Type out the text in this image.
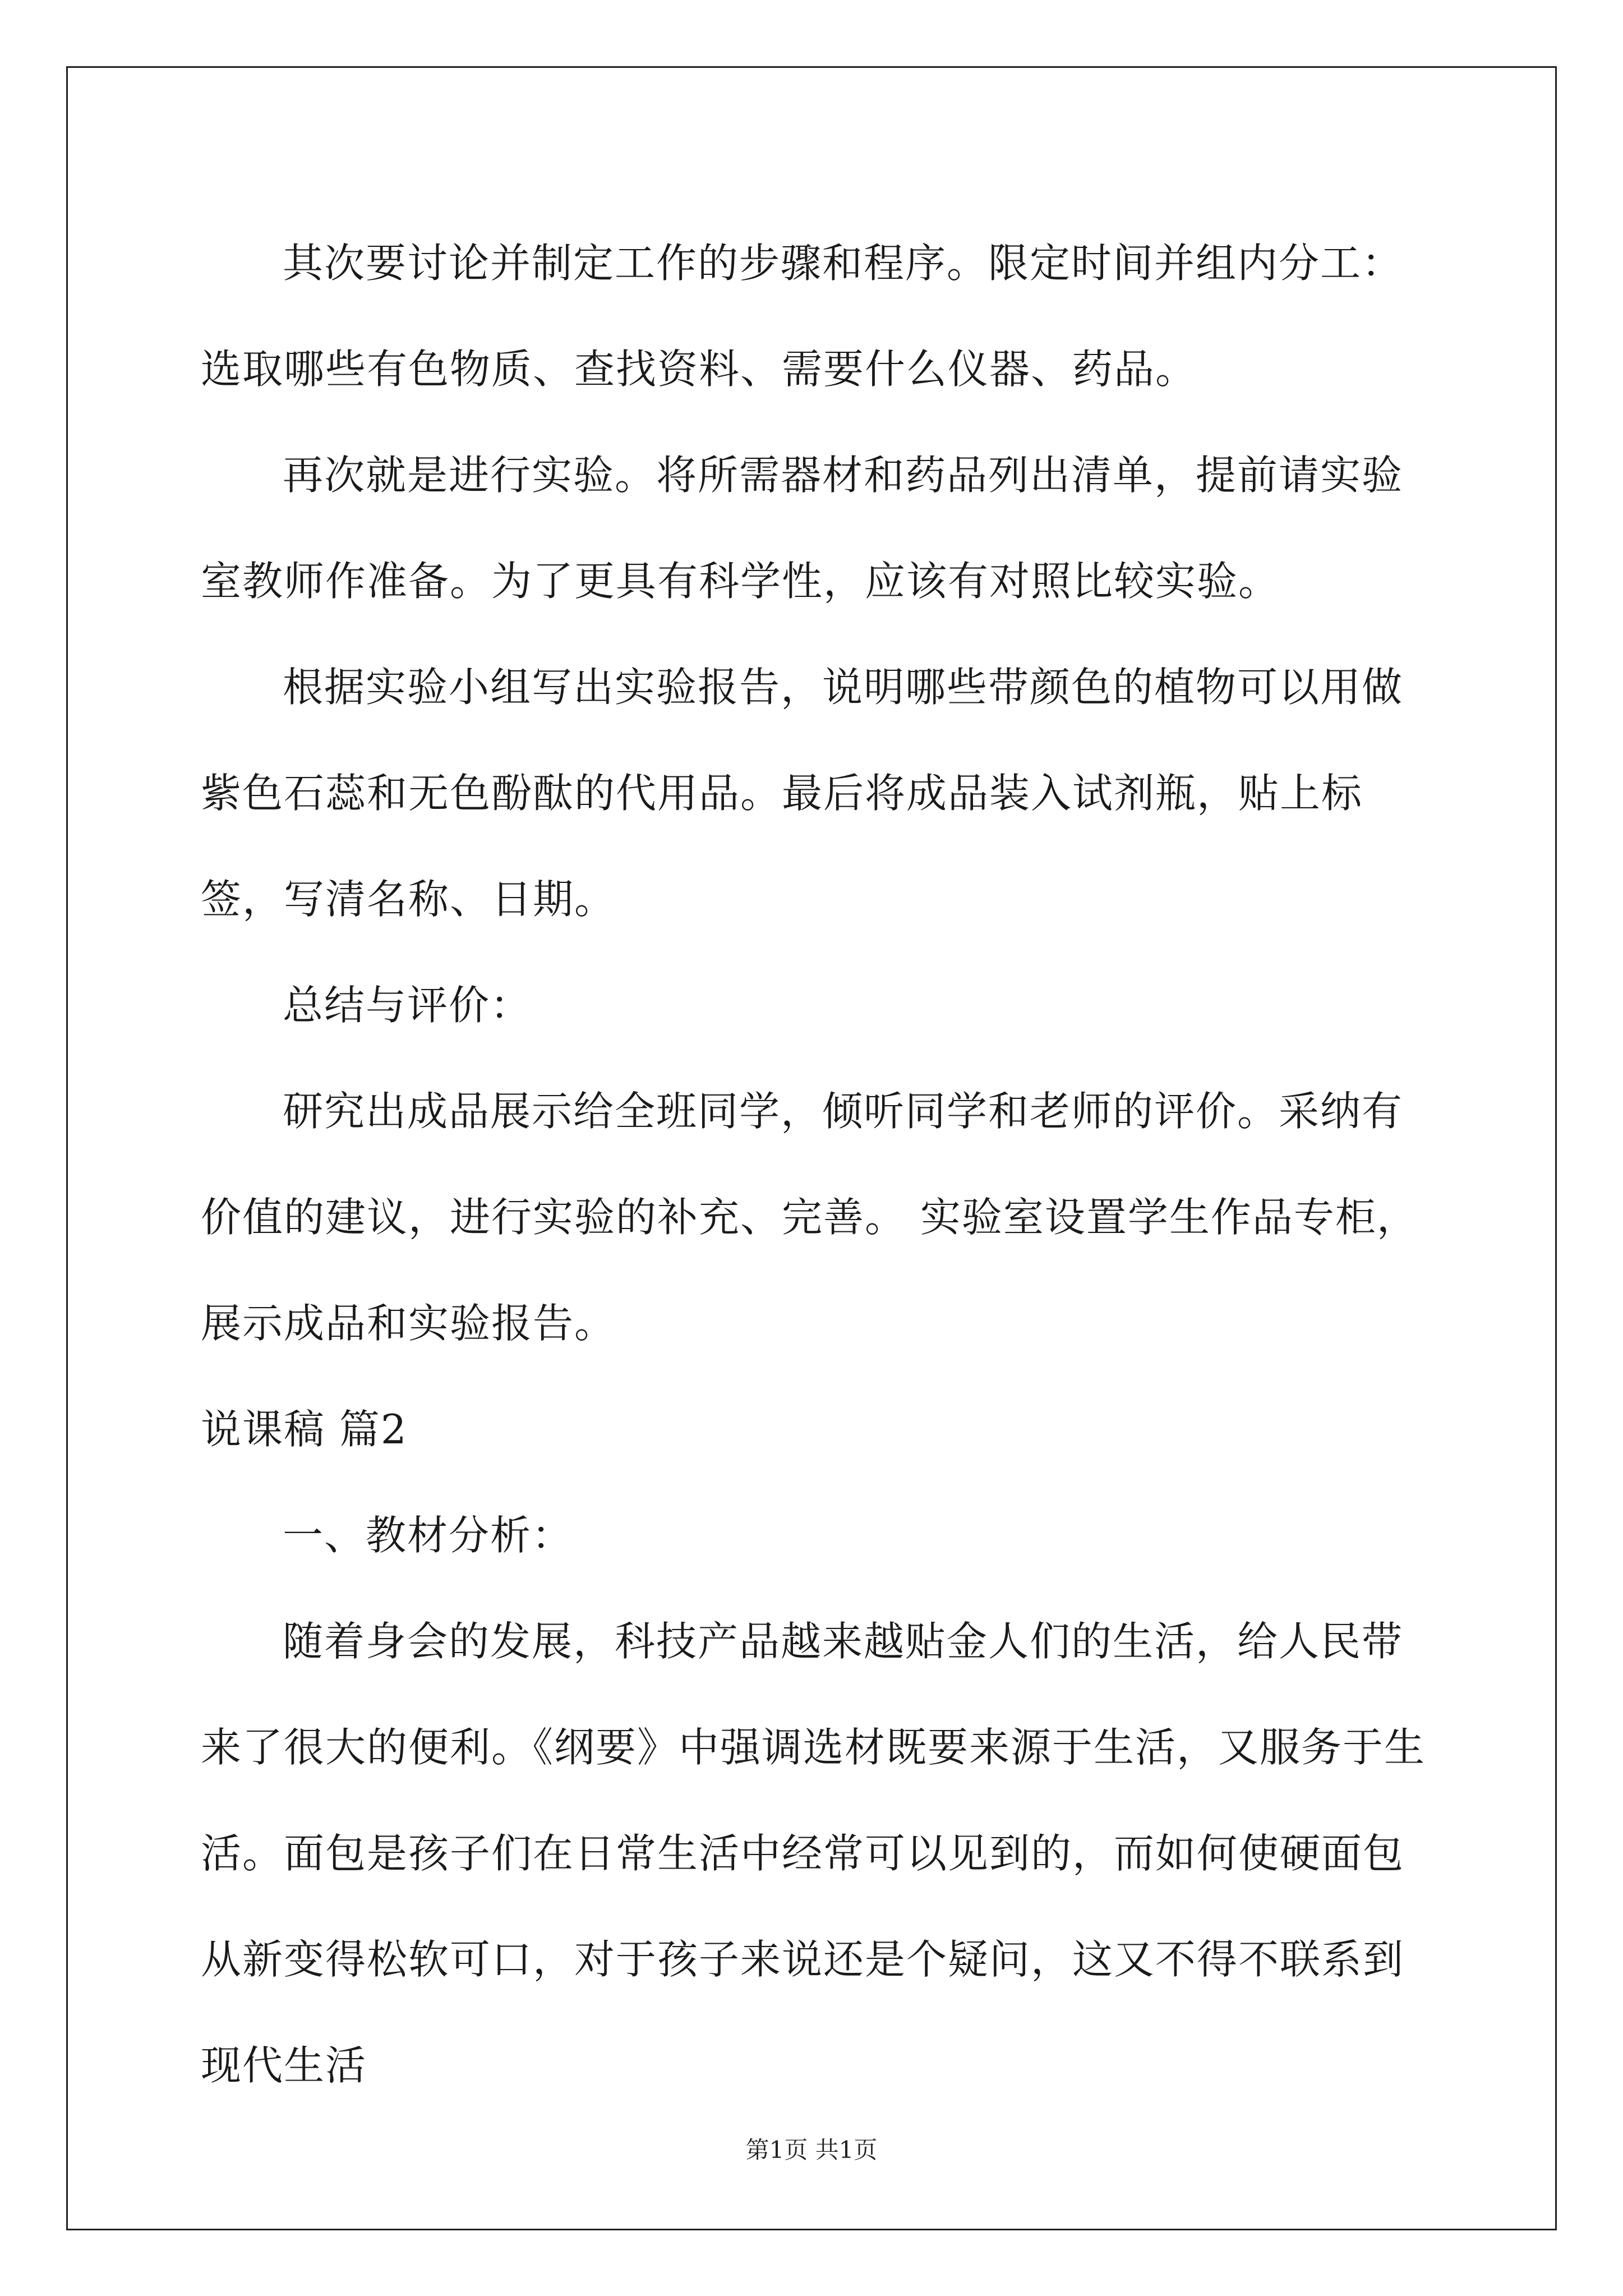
其次要讨论并制定工作的步骤和程序。限定时间并组内分工：选取哪些有色物质、查找资料、需要什么仪器、药品。

再次就是进行实验。将所需器材和药品列出清单，提前请实验室教师作准备。为了更具有科学性，应该有对照比较实验。

根据实验小组写出实验报告，说明哪些带颜色的植物可以用做紫色石蕊和无色酚酞的代用品。最后将成品装入试剂瓶，贴上标签，写清名称、日期。

总结与评价：

研究出成品展示给全班同学，倾听同学和老师的评价。采纳有价值的建议，进行实验的补充、完善。 实验室设置学生作品专柜，展示成品和实验报告。

说课稿 篇2

一、教材分析：

随着身会的发展，科技产品越来越贴金人们的生活，给人民带来了很大的便利。《纲要》中强调选材既要来源于生活，又服务于生活。面包是孩子们在日常生活中经常可以见到的，而如何使硬面包从新变得松软可口，对于孩子来说还是个疑问，这又不得不联系到现代生活

第1页 共1页
